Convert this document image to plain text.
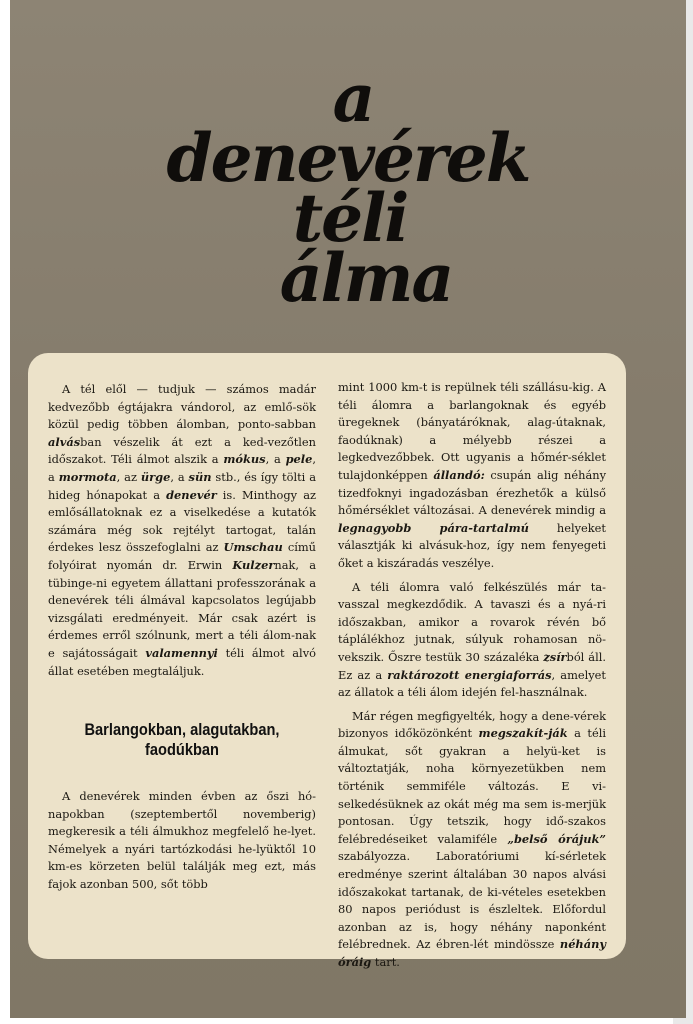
a
denevérek
téli
álma

A tél elől — tudjuk — számos madár kedvezőbb égtájakra vándorol, az emlő-sök közül pedig többen álomban, ponto-sabban alvásban vészelik át ezt a ked-vezőtlen időszakot. Téli álmot alszik a mókus, a pele, a mormota, az ürge, a sün stb., és így tölti a hideg hónapokat a denevér is. Minthogy az emlősállatoknak ez a viselkedése a kutatók számára még sok rejtélyt tartogat, talán érdekes lesz összefoglalni az Umschau című folyóirat nyomán dr. Erwin Kulzernak, a tübinge-ni egyetem állattani professzorának a denevérek téli álmával kapcsolatos legújabb vizsgálati eredményeit. Már csak azért is érdemes erről szólnunk, mert a téli álom-nak e sajátosságait valamennyi téli álmot alvó állat esetében megtaláljuk.

Barlangokban, alagutakban, faodúkban

A denevérek minden évben az őszi hó-napokban (szeptembertől novemberig) megkeresik a téli álmukhoz megfelelő he-lyet. Némelyek a nyári tartózkodási he-lyüktől 10 km-es körzeten belül találják meg ezt, más fajok azonban 500, sőt több

mint 1000 km-t is repülnek téli szállásu-kig. A téli álomra a barlangoknak és egyéb üregeknek (bányatáróknak, alag-útaknak, faodúknak) a mélyebb részei a legkedvezőbbek. Ott ugyanis a hőmér-séklet tulajdonképpen állandó: csupán alig néhány tizedfoknyi ingadozásban érezhetők a külső hőmérséklet változásai. A denevérek mindig a legnagyobb pára-tartalmú helyeket választják ki alvásuk-hoz, így nem fenyegeti őket a kiszáradás veszélye.

A téli álomra való felkészülés már ta-vasszal megkezdődik. A tavaszi és a nyá-ri időszakban, amikor a rovarok révén bő táplálékhoz jutnak, súlyuk rohamosan nö-vekszik. Őszre testük 30 százaléka zsírból áll. Ez az a raktározott energiaforrás, amelyet az állatok a téli álom idején fel-használnak.

Már régen megfigyelték, hogy a dene-vérek bizonyos időközönként megszakít-ják a téli álmukat, sőt gyakran a helyü-ket is változtatják, noha környezetükben nem történik semmiféle változás. E vi-selkedésüknek az okát még ma sem is-merjük pontosan. Úgy tetszik, hogy idő-szakos felébredéseiket valamiféle „belső órájuk” szabályozza. Laboratóriumi kí-sérletek eredménye szerint általában 30 napos alvási időszakokat tartanak, de ki-vételes esetekben 80 napos periódust is észleltek. Előfordul azonban az is, hogy néhány naponként felébrednek. Az ébren-lét mindössze néhány óráig tart.
